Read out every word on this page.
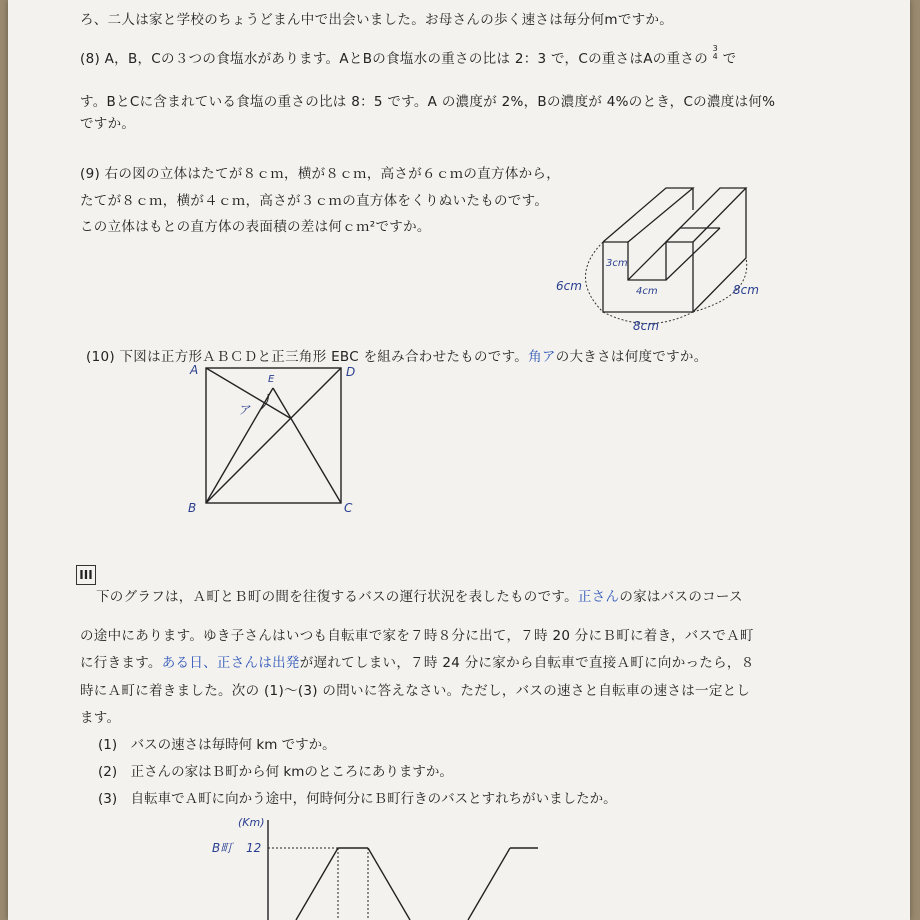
ろ、二人は家と学校のちょうどまん中で出会いました。お母さんの歩く速さは毎分何mですか。
(8) A，B，Cの３つの食塩水があります。AとBの食塩水の重さの比は 2：3 で，Cの重さはAの重さの 3
4 で
す。BとCに含まれている食塩の重さの比は 8：5 です。A の濃度が 2%，Bの濃度が 4%のとき，Cの濃度は何%
ですか。
(9) 右の図の立体はたてが８ｃｍ，横が８ｃｍ，高さが６ｃｍの直方体から，
たてが８ｃｍ，横が４ｃｍ，高さが３ｃｍの直方体をくりぬいたものです。
この立体はもとの直方体の表面積の差は何ｃｍ²ですか。
3cm
4cm
6cm	8cm
8cm
(10) 下図は正方形ＡＢＣＤと正三角形 EBC を組み合わせたものです。角アの大きさは何度ですか。
A	D
B	C
E
ア
III
下のグラフは，Ａ町とＢ町の間を往復するバスの運行状況を表したものです。正さんの家はバスのコース
の途中にあります。ゆき子さんはいつも自転車で家を７時８分に出て，７時 20 分にＢ町に着き，バスでＡ町
に行きます。ある日、正さんは出発が遅れてしまい，７時 24 分に家から自転車で直接Ａ町に向かったら，８
時にＡ町に着きました。次の (1)～(3) の問いに答えなさい。ただし，バスの速さと自転車の速さは一定とし
ます。
(1)　バスの速さは毎時何 km ですか。
(2)　正さんの家はＢ町から何 kmのところにありますか。
(3)　自転車でＡ町に向かう途中，何時何分にＢ町行きのバスとすれちがいましたか。
(Km)
B町 12
